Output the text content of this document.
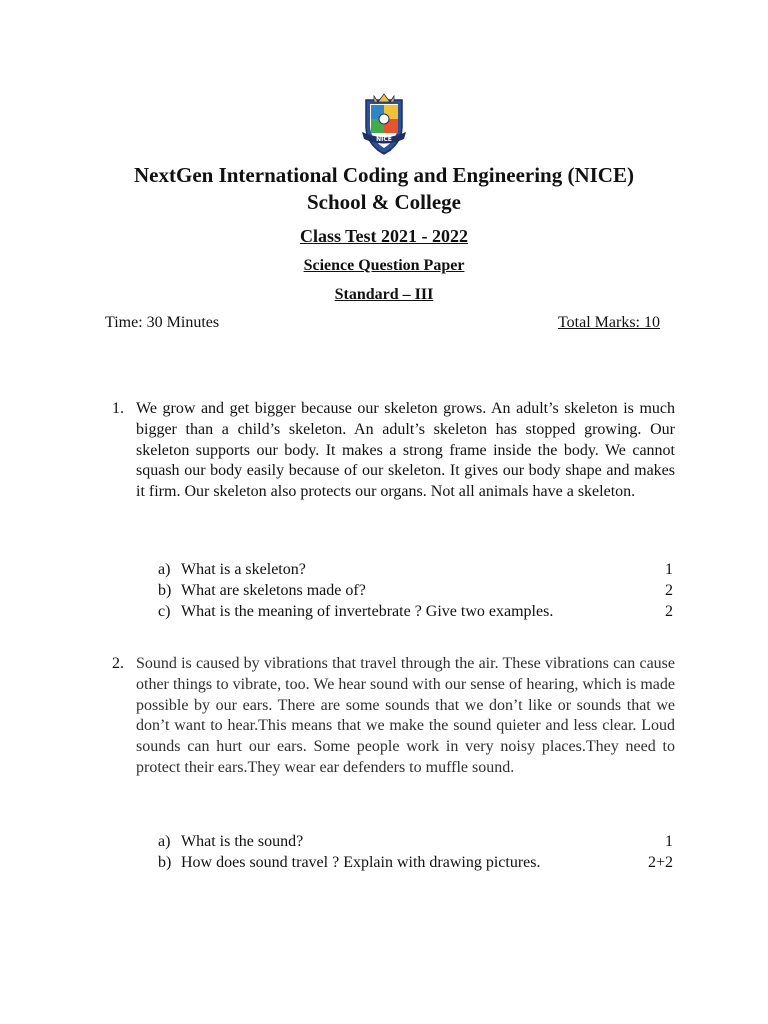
NICE
NextGen International Coding and Engineering (NICE)
School & College
Class Test 2021 - 2022
Science Question Paper
Standard – III
Time: 30 Minutes	Total Marks: 10
1. We grow and get bigger because our skeleton grows. An adult’s skeleton is much bigger than a child’s skeleton. An adult’s skeleton has stopped growing. Our skeleton supports our body. It makes a strong frame inside the body. We cannot squash our body easily because of our skeleton. It gives our body shape and makes it firm. Our skeleton also protects our organs. Not all animals have a skeleton.
a) What is a skeleton?	1
b) What are skeletons made of?	2
c) What is the meaning of invertebrate ? Give two examples.	2
2. Sound is caused by vibrations that travel through the air. These vibrations can cause other things to vibrate, too. We hear sound with our sense of hearing, which is made possible by our ears. There are some sounds that we don’t like or sounds that we don’t want to hear.This means that we make the sound quieter and less clear. Loud sounds can hurt our ears. Some people work in very noisy places.They need to protect their ears.They wear ear defenders to muffle sound.
a) What is the sound?	1
b) How does sound travel ? Explain with drawing pictures.	2+2
